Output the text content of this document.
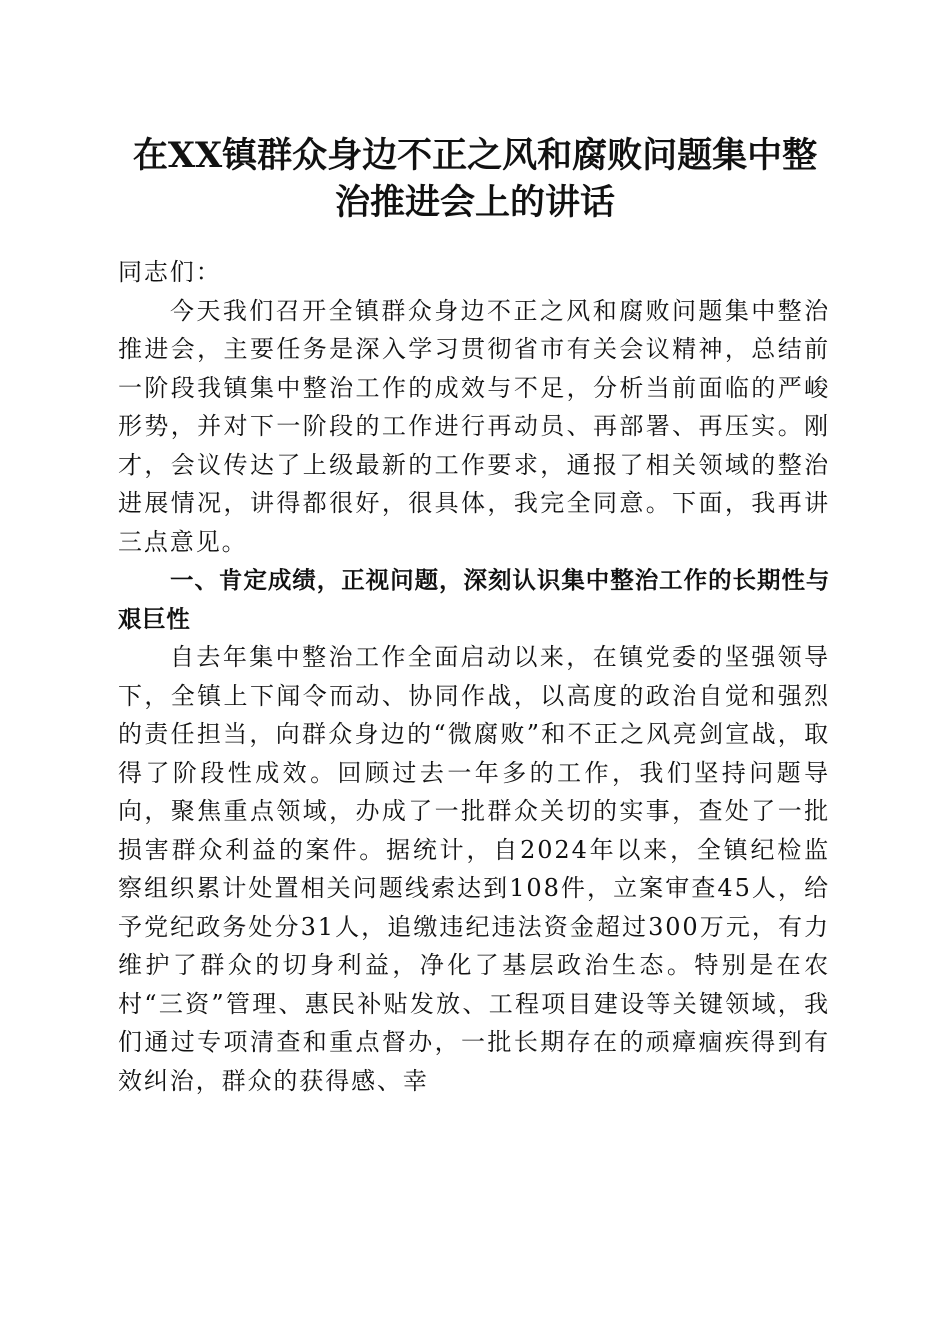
在XX镇群众身边不正之风和腐败问题集中整
治推进会上的讲话

同志们：

今天我们召开全镇群众身边不正之风和腐败问题集中整治推进会，主要任务是深入学习贯彻省市有关会议精神，总结前一阶段我镇集中整治工作的成效与不足，分析当前面临的严峻形势，并对下一阶段的工作进行再动员、再部署、再压实。刚才，会议传达了上级最新的工作要求，通报了相关领域的整治进展情况，讲得都很好，很具体，我完全同意。下面，我再讲三点意见。

一、肯定成绩，正视问题，深刻认识集中整治工作的长期性与艰巨性

自去年集中整治工作全面启动以来，在镇党委的坚强领导下，全镇上下闻令而动、协同作战，以高度的政治自觉和强烈的责任担当，向群众身边的“微腐败”和不正之风亮剑宣战，取得了阶段性成效。回顾过去一年多的工作，我们坚持问题导向，聚焦重点领域，办成了一批群众关切的实事，查处了一批损害群众利益的案件。据统计，自2024年以来，全镇纪检监察组织累计处置相关问题线索达到108件，立案审查45人，给予党纪政务处分31人，追缴违纪违法资金超过300万元，有力维护了群众的切身利益，净化了基层政治生态。特别是在农村“三资”管理、惠民补贴发放、工程项目建设等关键领域，我们通过专项清查和重点督办，一批长期存在的顽瘴痼疾得到有效纠治，群众的获得感、幸
